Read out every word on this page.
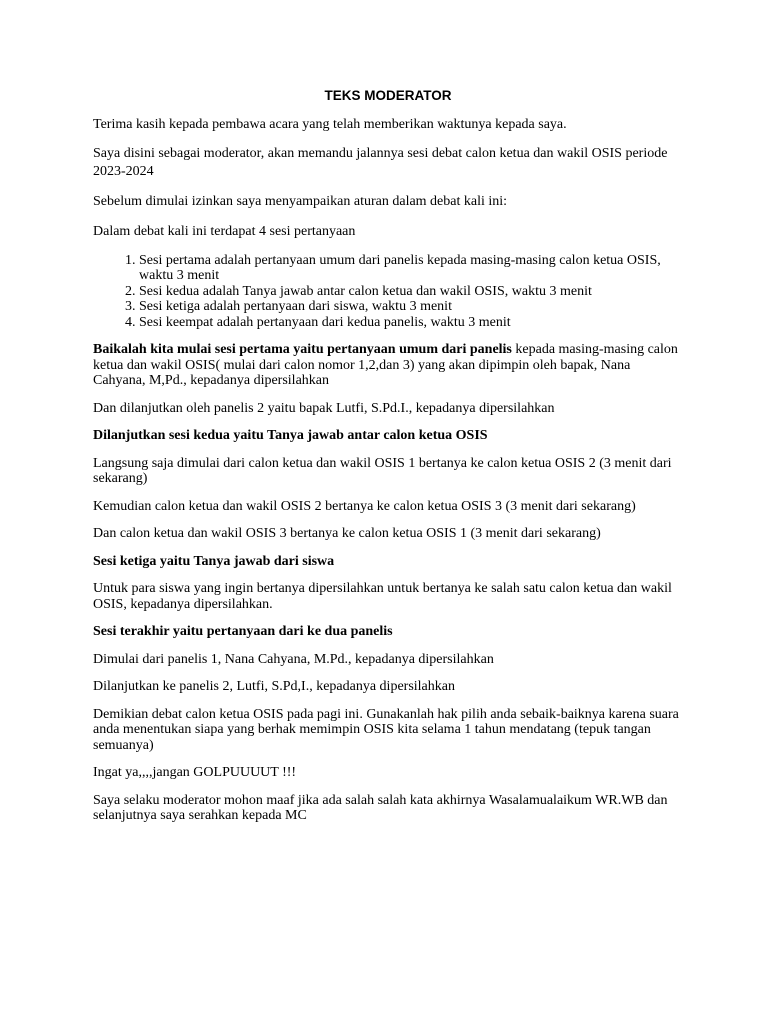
TEKS MODERATOR

Terima kasih kepada pembawa acara yang telah memberikan waktunya kepada saya.

Saya disini sebagai moderator, akan memandu jalannya sesi debat calon ketua dan wakil OSIS periode 2023-2024

Sebelum dimulai izinkan saya menyampaikan aturan dalam debat kali ini:

Dalam debat kali ini terdapat 4 sesi pertanyaan

1. Sesi pertama adalah pertanyaan umum dari panelis kepada masing-masing calon ketua OSIS, waktu 3 menit
2. Sesi kedua adalah Tanya jawab antar calon ketua dan wakil OSIS, waktu 3 menit
3. Sesi ketiga adalah pertanyaan dari siswa, waktu 3 menit
4. Sesi keempat adalah pertanyaan dari kedua panelis, waktu 3 menit

Baikalah kita mulai sesi pertama yaitu pertanyaan umum dari panelis kepada masing-masing calon ketua dan wakil OSIS( mulai dari calon nomor 1,2,dan 3) yang akan dipimpin oleh bapak, Nana Cahyana, M,Pd., kepadanya dipersilahkan

Dan dilanjutkan oleh panelis 2 yaitu bapak Lutfi, S.Pd.I., kepadanya dipersilahkan

Dilanjutkan sesi kedua yaitu Tanya jawab antar calon ketua OSIS

Langsung saja dimulai dari calon ketua dan wakil OSIS 1 bertanya ke calon ketua OSIS 2 (3 menit dari sekarang)

Kemudian calon ketua dan wakil OSIS 2 bertanya ke calon ketua OSIS 3 (3 menit dari sekarang)

Dan calon ketua dan wakil OSIS 3 bertanya ke calon ketua OSIS 1 (3 menit dari sekarang)

Sesi ketiga yaitu Tanya jawab dari siswa

Untuk para siswa yang ingin bertanya dipersilahkan untuk bertanya ke salah satu calon ketua dan wakil OSIS, kepadanya dipersilahkan.

Sesi terakhir yaitu pertanyaan dari ke dua panelis

Dimulai dari panelis 1, Nana Cahyana, M.Pd., kepadanya dipersilahkan

Dilanjutkan ke panelis 2, Lutfi, S.Pd,I., kepadanya dipersilahkan

Demikian debat calon ketua OSIS pada pagi ini. Gunakanlah hak pilih anda sebaik-baiknya karena suara anda menentukan siapa yang berhak memimpin OSIS kita selama 1 tahun mendatang (tepuk tangan semuanya)

Ingat ya,,,,jangan GOLPUUUUT !!!

Saya selaku moderator mohon maaf jika ada salah salah kata akhirnya Wasalamualaikum WR.WB dan selanjutnya saya serahkan kepada MC
